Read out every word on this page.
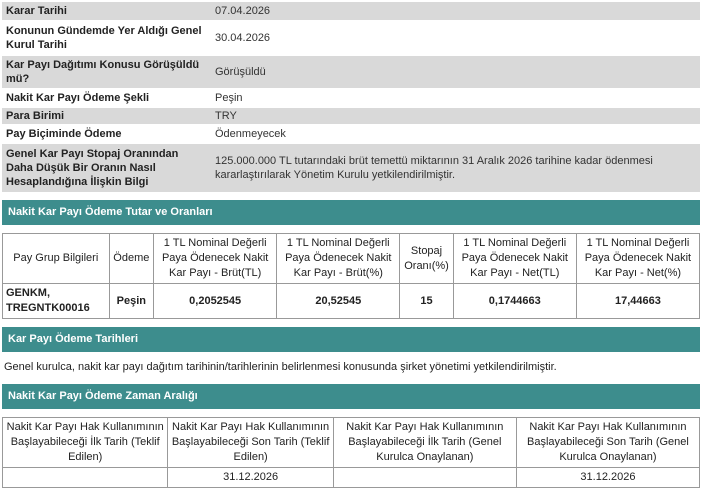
Karar Tarihi	07.04.2026
Konunun Gündemde Yer Aldığı Genel Kurul Tarihi	30.04.2026
Kar Payı Dağıtımı Konusu Görüşüldü mü?	Görüşüldü
Nakit Kar Payı Ödeme Şekli	Peşin
Para Birimi	TRY
Pay Biçiminde Ödeme	Ödenmeyecek
Genel Kar Payı Stopaj Oranından Daha Düşük Bir Oranın Nasıl Hesaplandığına İlişkin Bilgi	125.000.000 TL tutarındaki brüt temettü miktarının 31 Aralık 2026 tarihine kadar ödenmesi kararlaştırılarak Yönetim Kurulu yetkilendirilmiştir.
Nakit Kar Payı Ödeme Tutar ve Oranları
Pay Grup Bilgileri	Ödeme	1 TL Nominal Değerli Paya Ödenecek Nakit Kar Payı - Brüt(TL)	1 TL Nominal Değerli Paya Ödenecek Nakit Kar Payı - Brüt(%)	Stopaj Oranı(%)	1 TL Nominal Değerli Paya Ödenecek Nakit Kar Payı - Net(TL)	1 TL Nominal Değerli Paya Ödenecek Nakit Kar Payı - Net(%)
GENKM, TREGNTK00016	Peşin	0,2052545	20,52545	15	0,1744663	17,44663
Kar Payı Ödeme Tarihleri
Genel kurulca, nakit kar payı dağıtım tarihinin/tarihlerinin belirlenmesi konusunda şirket yönetimi yetkilendirilmiştir.
Nakit Kar Payı Ödeme Zaman Aralığı
Nakit Kar Payı Hak Kullanımının Başlayabileceği İlk Tarih (Teklif Edilen)	Nakit Kar Payı Hak Kullanımının Başlayabileceği Son Tarih (Teklif Edilen)	Nakit Kar Payı Hak Kullanımının Başlayabileceği İlk Tarih (Genel Kurulca Onaylanan)	Nakit Kar Payı Hak Kullanımının Başlayabileceği Son Tarih (Genel Kurulca Onaylanan)
	31.12.2026		31.12.2026
